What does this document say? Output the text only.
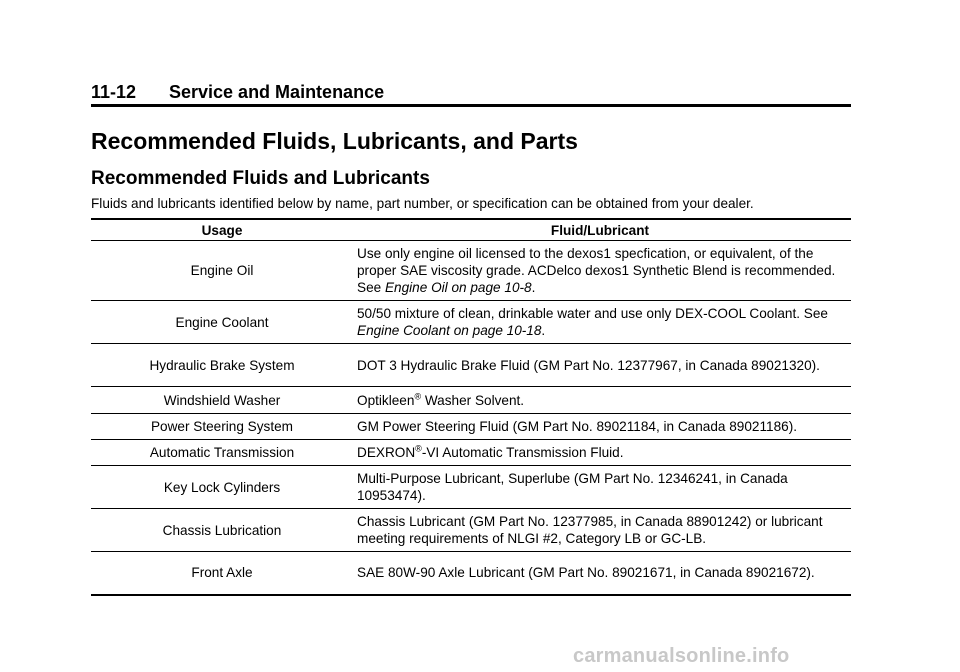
11-12 Service and Maintenance
Recommended Fluids, Lubricants, and Parts
Recommended Fluids and Lubricants

Fluids and lubricants identified below by name, part number, or specification can be obtained from your dealer.

Usage	Fluid/Lubricant
Engine Oil	Use only engine oil licensed to the dexos1 specfication, or equivalent, of the proper SAE viscosity grade. ACDelco dexos1 Synthetic Blend is recommended. See Engine Oil on page 10‑8.
Engine Coolant	50/50 mixture of clean, drinkable water and use only DEX-COOL Coolant. See Engine Coolant on page 10‑18.
Hydraulic Brake System	DOT 3 Hydraulic Brake Fluid (GM Part No. 12377967, in Canada 89021320).
Windshield Washer	Optikleen® Washer Solvent.
Power Steering System	GM Power Steering Fluid (GM Part No. 89021184, in Canada 89021186).
Automatic Transmission	DEXRON®-VI Automatic Transmission Fluid.
Key Lock Cylinders	Multi-Purpose Lubricant, Superlube (GM Part No. 12346241, in Canada 10953474).
Chassis Lubrication	Chassis Lubricant (GM Part No. 12377985, in Canada 88901242) or lubricant meeting requirements of NLGI #2, Category LB or GC-LB.
Front Axle	SAE 80W-90 Axle Lubricant (GM Part No. 89021671, in Canada 89021672).
carmanualsonline.info
